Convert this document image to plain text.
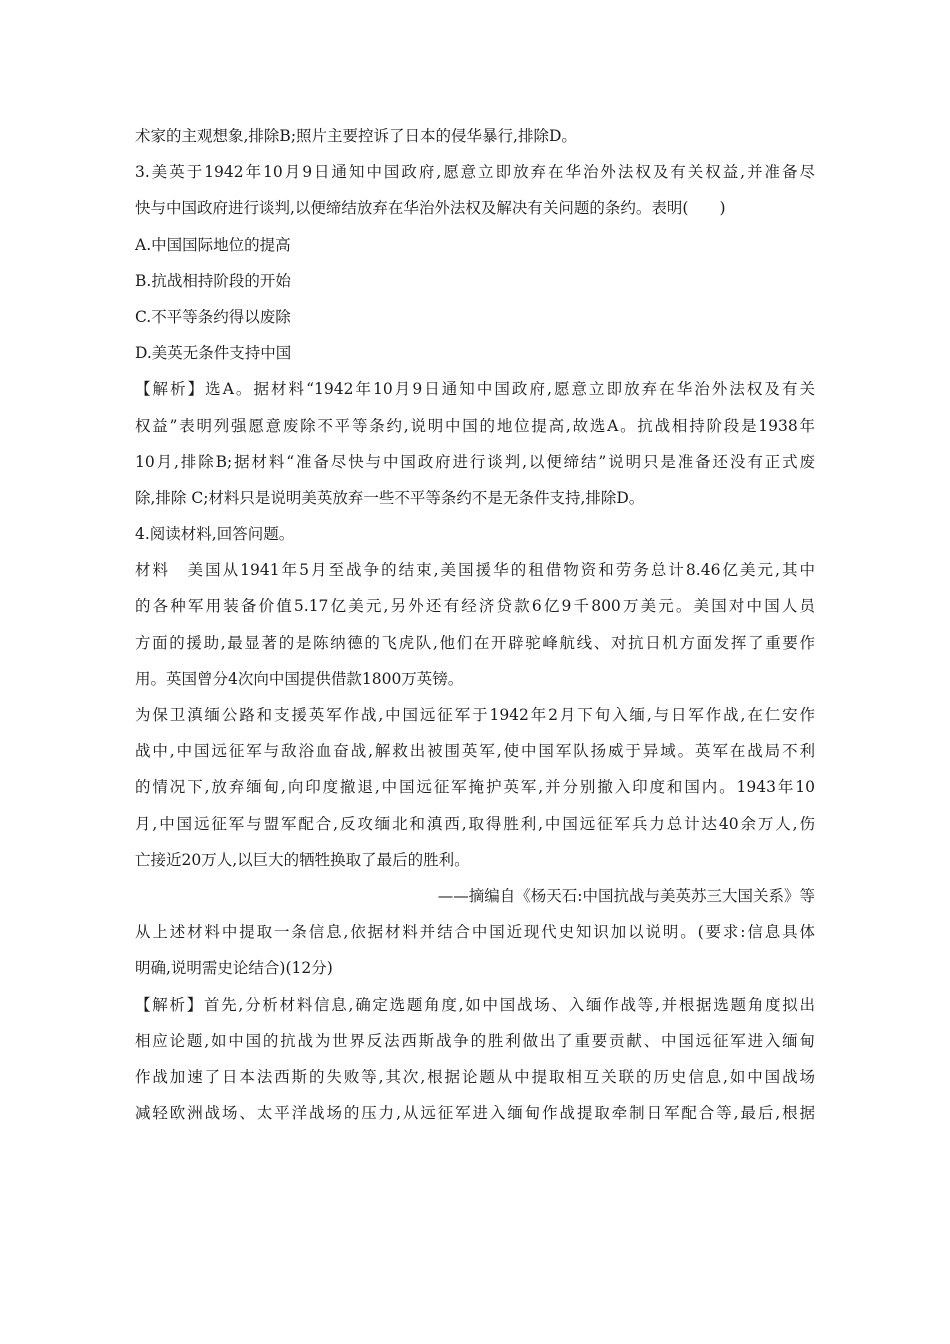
术家的主观想象,排除B;照片主要控诉了日本的侵华暴行,排除D。
3.美英于1942年10月9日通知中国政府,愿意立即放弃在华治外法权及有关权益,并准备尽
快与中国政府进行谈判,以便缔结放弃在华治外法权及解决有关问题的条约。表明(　　)
A.中国国际地位的提高
B.抗战相持阶段的开始
C.不平等条约得以废除
D.美英无条件支持中国
【解析】选A。据材料“1942年10月9日通知中国政府,愿意立即放弃在华治外法权及有关
权益”表明列强愿意废除不平等条约,说明中国的地位提高,故选A。抗战相持阶段是1938年
10月,排除B;据材料“准备尽快与中国政府进行谈判,以便缔结”说明只是准备还没有正式废
除,排除 C;材料只是说明美英放弃一些不平等条约不是无条件支持,排除D。
4.阅读材料,回答问题。
材料　美国从1941年5月至战争的结束,美国援华的租借物资和劳务总计8.46亿美元,其中
的各种军用装备价值5.17亿美元,另外还有经济贷款6亿9千800万美元。美国对中国人员
方面的援助,最显著的是陈纳德的飞虎队,他们在开辟驼峰航线、对抗日机方面发挥了重要作
用。英国曾分4次向中国提供借款1800万英镑。
为保卫滇缅公路和支援英军作战,中国远征军于1942年2月下旬入缅,与日军作战,在仁安作
战中,中国远征军与敌浴血奋战,解救出被围英军,使中国军队扬威于异域。英军在战局不利
的情况下,放弃缅甸,向印度撤退,中国远征军掩护英军,并分别撤入印度和国内。1943年10
月,中国远征军与盟军配合,反攻缅北和滇西,取得胜利,中国远征军兵力总计达40余万人,伤
亡接近20万人,以巨大的牺牲换取了最后的胜利。
——摘编自《杨天石:中国抗战与美英苏三大国关系》等
从上述材料中提取一条信息,依据材料并结合中国近现代史知识加以说明。(要求:信息具体
明确,说明需史论结合)(12分)
【解析】首先,分析材料信息,确定选题角度,如中国战场、入缅作战等,并根据选题角度拟出
相应论题,如中国的抗战为世界反法西斯战争的胜利做出了重要贡献、中国远征军进入缅甸
作战加速了日本法西斯的失败等,其次,根据论题从中提取相互关联的历史信息,如中国战场
减轻欧洲战场、太平洋战场的压力,从远征军进入缅甸作战提取牵制日军配合等,最后,根据
